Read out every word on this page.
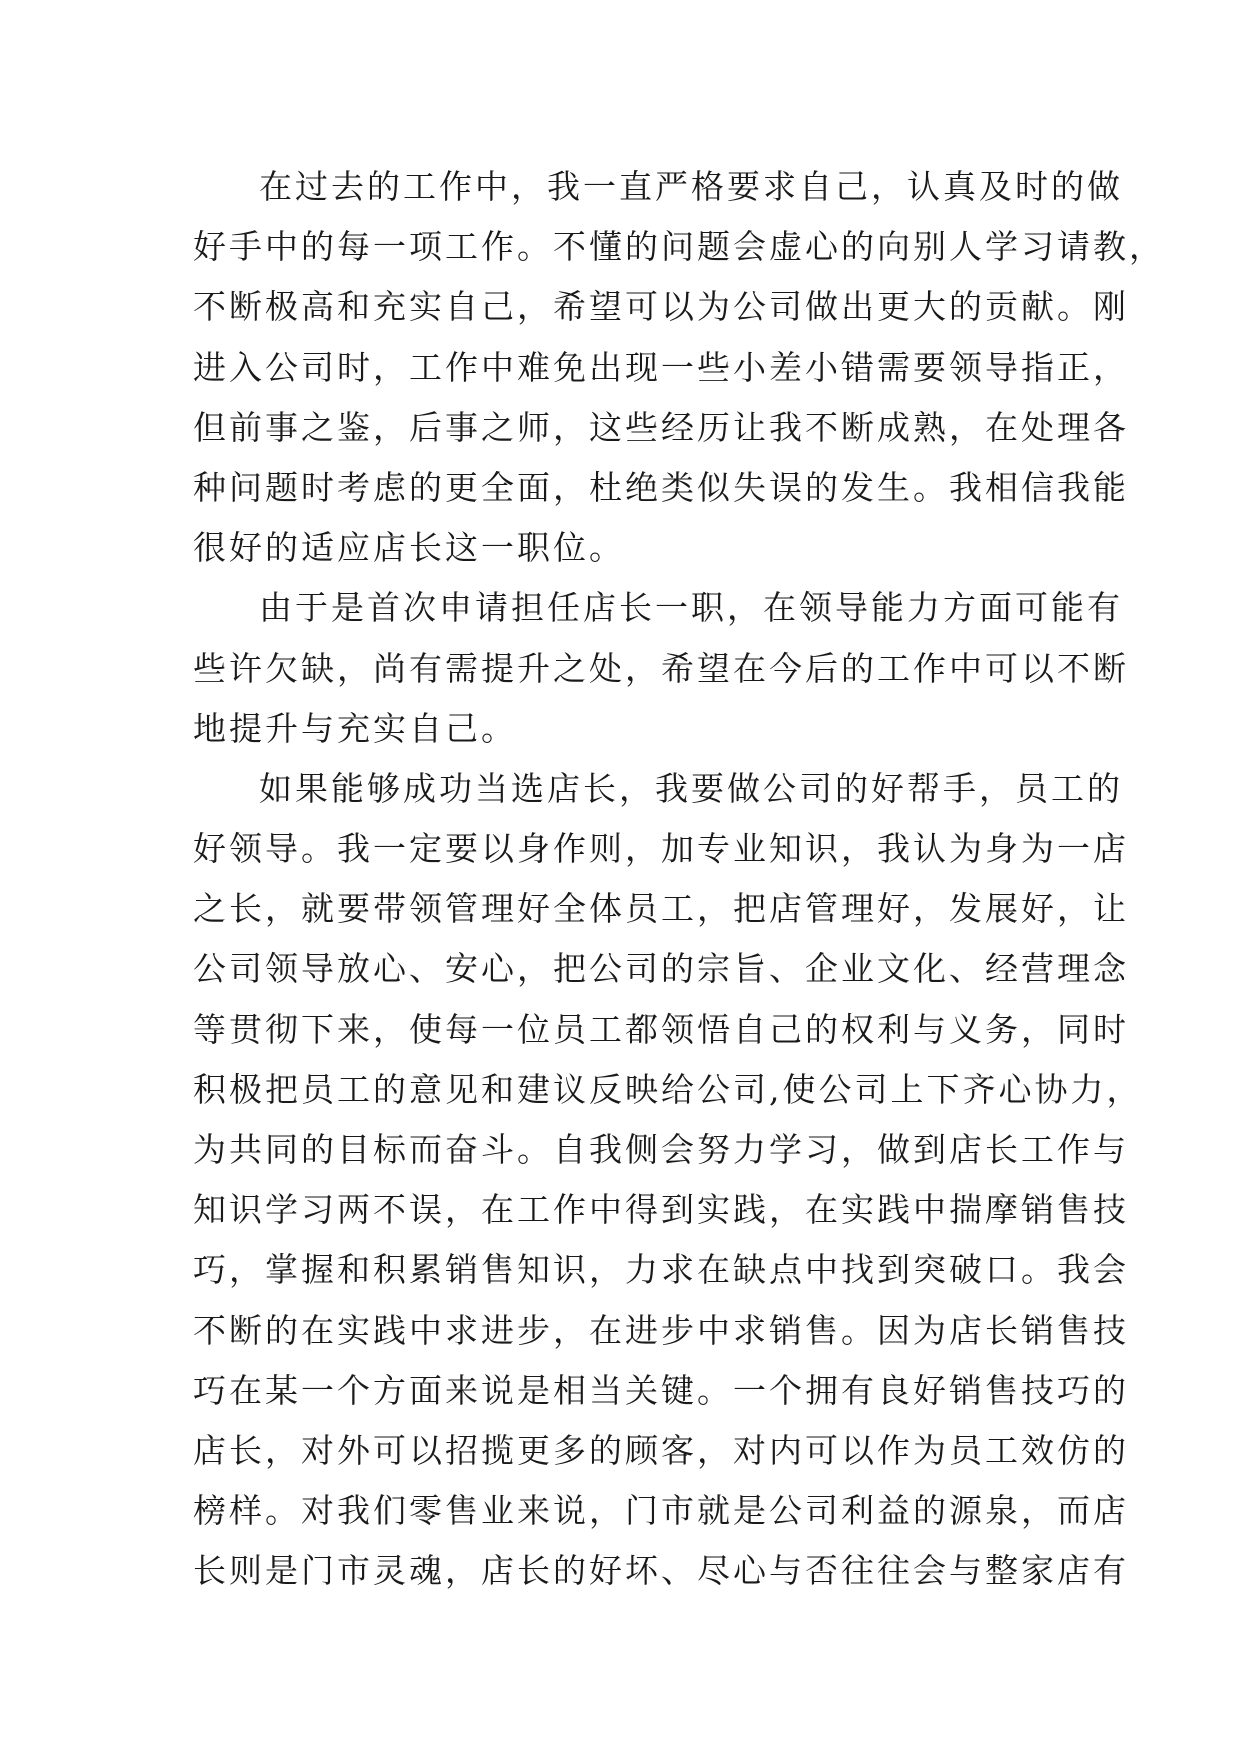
在过去的工作中，我一直严格要求自己，认真及时的做
好手中的每一项工作。不懂的问题会虚心的向别人学习请教，
不断极高和充实自己，希望可以为公司做出更大的贡献。刚
进入公司时，工作中难免出现一些小差小错需要领导指正，
但前事之鉴，后事之师，这些经历让我不断成熟，在处理各
种问题时考虑的更全面，杜绝类似失误的发生。我相信我能
很好的适应店长这一职位。
由于是首次申请担任店长一职，在领导能力方面可能有
些许欠缺，尚有需提升之处，希望在今后的工作中可以不断
地提升与充实自己。
如果能够成功当选店长，我要做公司的好帮手，员工的
好领导。我一定要以身作则，加专业知识，我认为身为一店
之长，就要带领管理好全体员工，把店管理好，发展好，让
公司领导放心、安心，把公司的宗旨、企业文化、经营理念
等贯彻下来，使每一位员工都领悟自己的权利与义务，同时
积极把员工的意见和建议反映给公司,使公司上下齐心协力，
为共同的目标而奋斗。自我侧会努力学习，做到店长工作与
知识学习两不误，在工作中得到实践，在实践中揣摩销售技
巧，掌握和积累销售知识，力求在缺点中找到突破口。我会
不断的在实践中求进步，在进步中求销售。因为店长销售技
巧在某一个方面来说是相当关键。一个拥有良好销售技巧的
店长，对外可以招揽更多的顾客，对内可以作为员工效仿的
榜样。对我们零售业来说，门市就是公司利益的源泉，而店
长则是门市灵魂，店长的好坏、尽心与否往往会与整家店有
